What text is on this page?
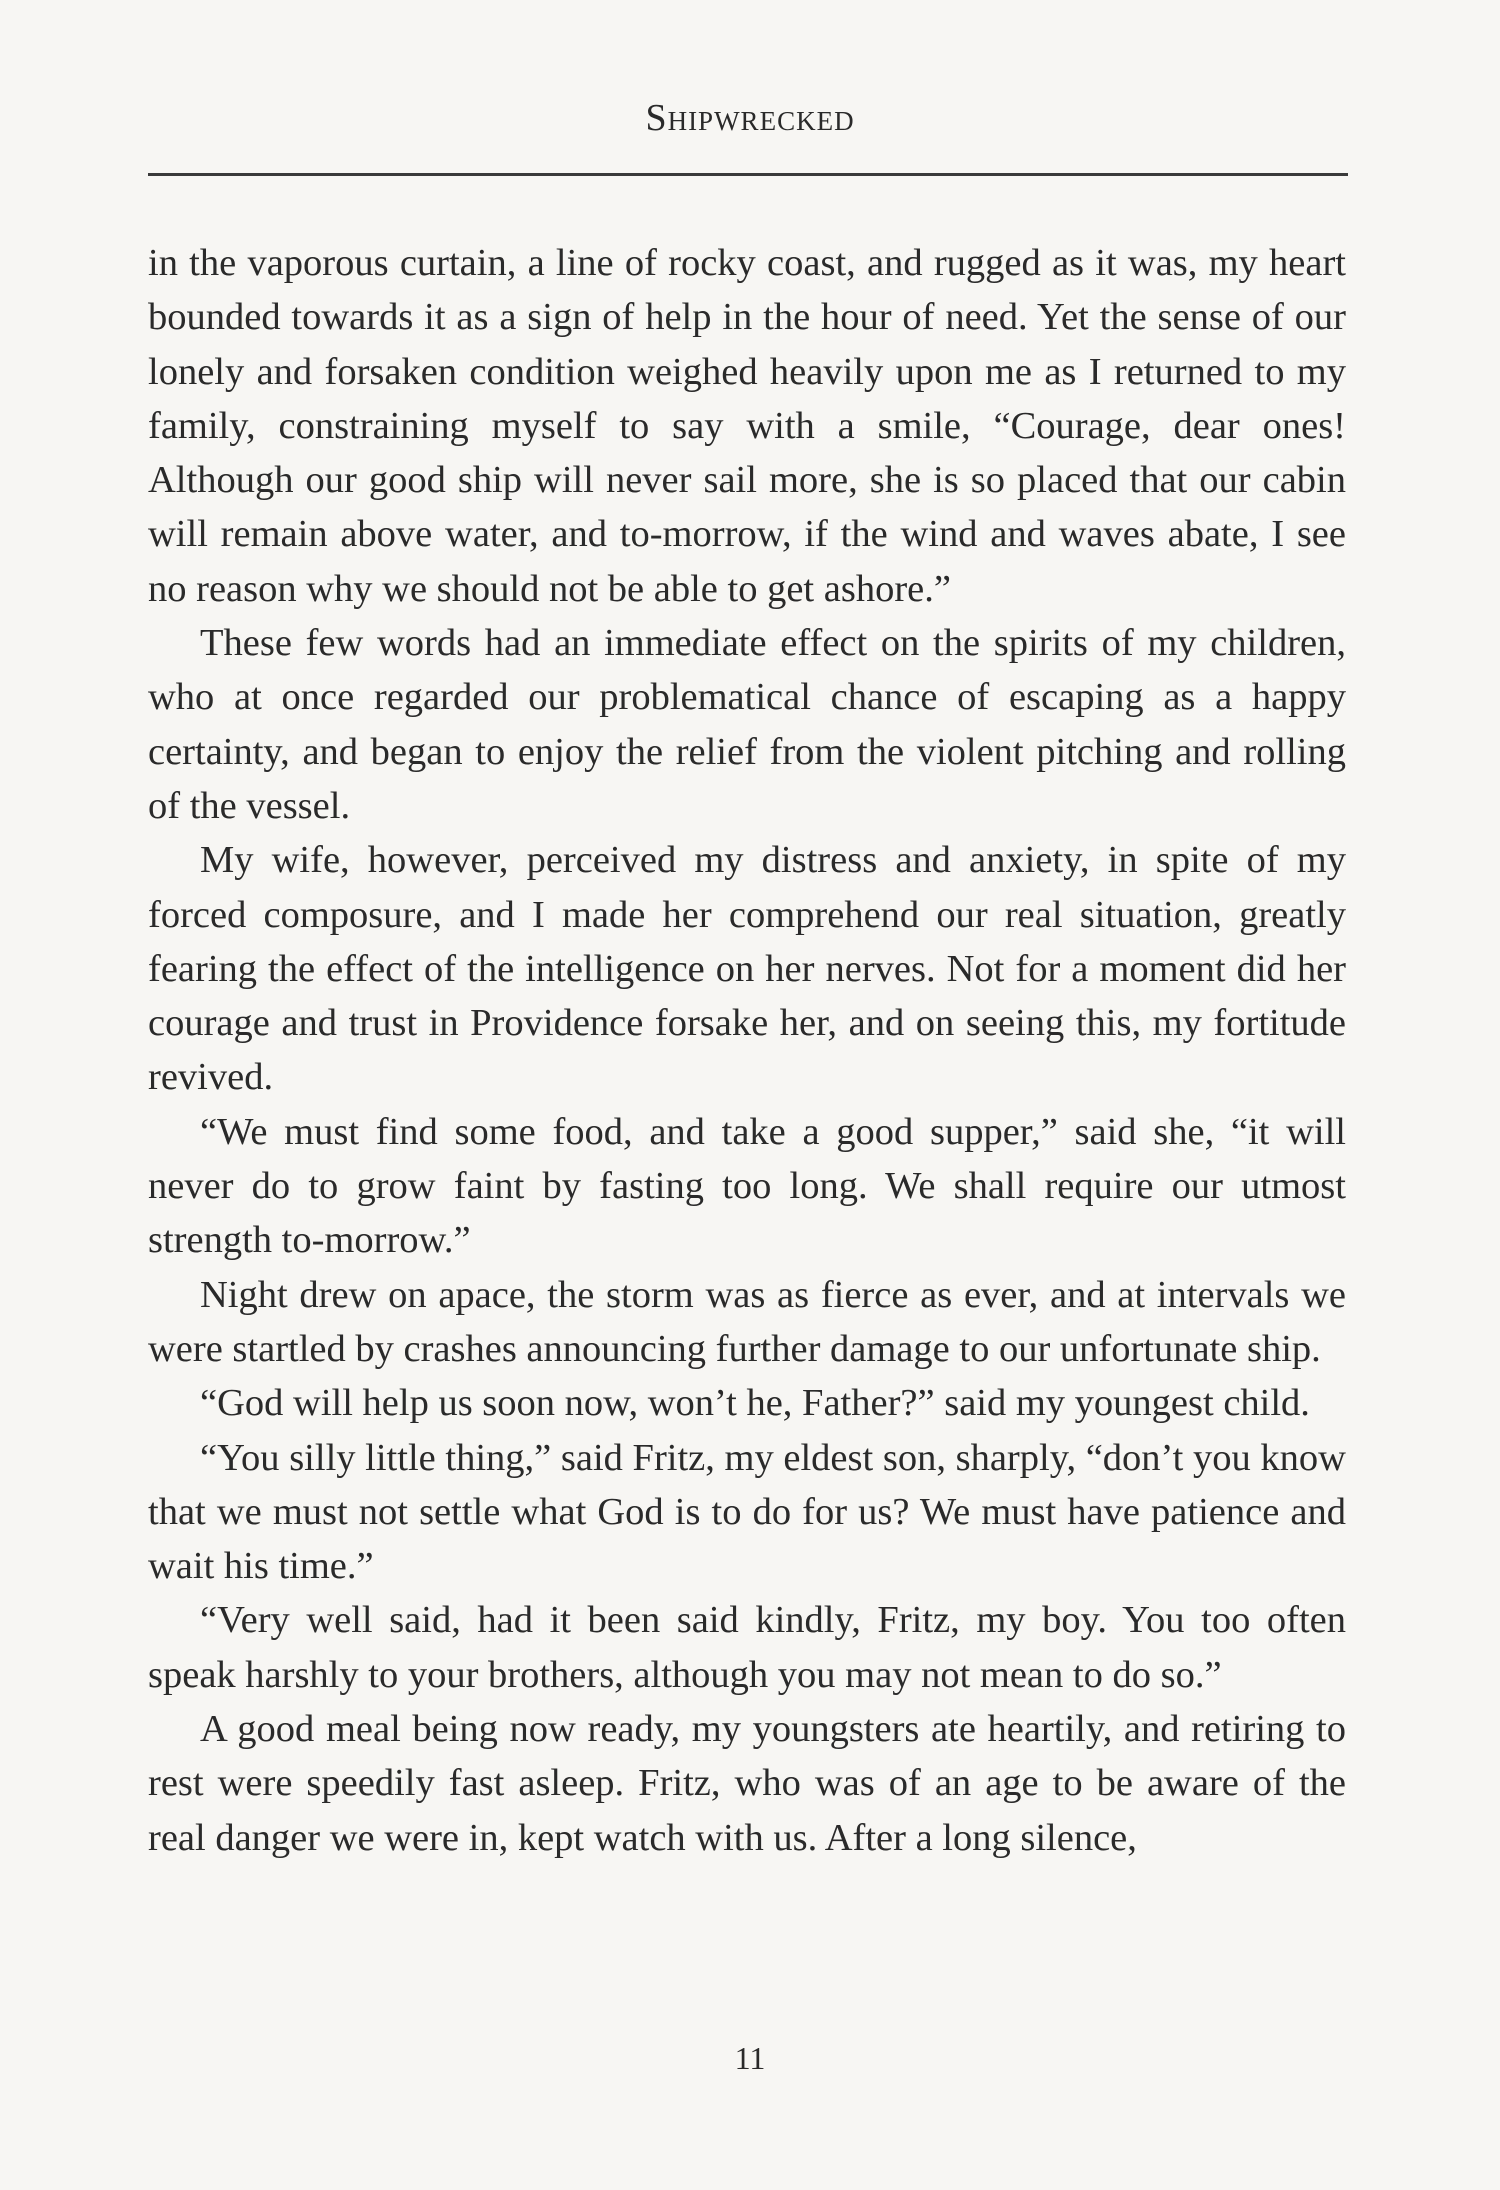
Shipwrecked

in the vaporous curtain, a line of rocky coast, and rugged as it was, my heart bounded towards it as a sign of help in the hour of need. Yet the sense of our lonely and forsaken condition weighed heavily upon me as I returned to my family, constraining myself to say with a smile, “Courage, dear ones! Although our good ship will never sail more, she is so placed that our cabin will remain above water, and to-morrow, if the wind and waves abate, I see no reason why we should not be able to get ashore.”

These few words had an immediate effect on the spirits of my children, who at once regarded our problematical chance of escaping as a happy certainty, and began to enjoy the relief from the violent pitching and rolling of the vessel.

My wife, however, perceived my distress and anxiety, in spite of my forced composure, and I made her comprehend our real situation, greatly fearing the effect of the intelligence on her nerves. Not for a moment did her courage and trust in Providence forsake her, and on seeing this, my fortitude revived.

“We must find some food, and take a good supper,” said she, “it will never do to grow faint by fasting too long. We shall require our utmost strength to-morrow.”

Night drew on apace, the storm was as fierce as ever, and at intervals we were startled by crashes announcing further damage to our unfortunate ship.

“God will help us soon now, won’t he, Father?” said my youngest child.

“You silly little thing,” said Fritz, my eldest son, sharply, “don’t you know that we must not settle what God is to do for us? We must have patience and wait his time.”

“Very well said, had it been said kindly, Fritz, my boy. You too often speak harshly to your brothers, although you may not mean to do so.”

A good meal being now ready, my youngsters ate heartily, and retiring to rest were speedily fast asleep. Fritz, who was of an age to be aware of the real danger we were in, kept watch with us. After a long silence,

11
